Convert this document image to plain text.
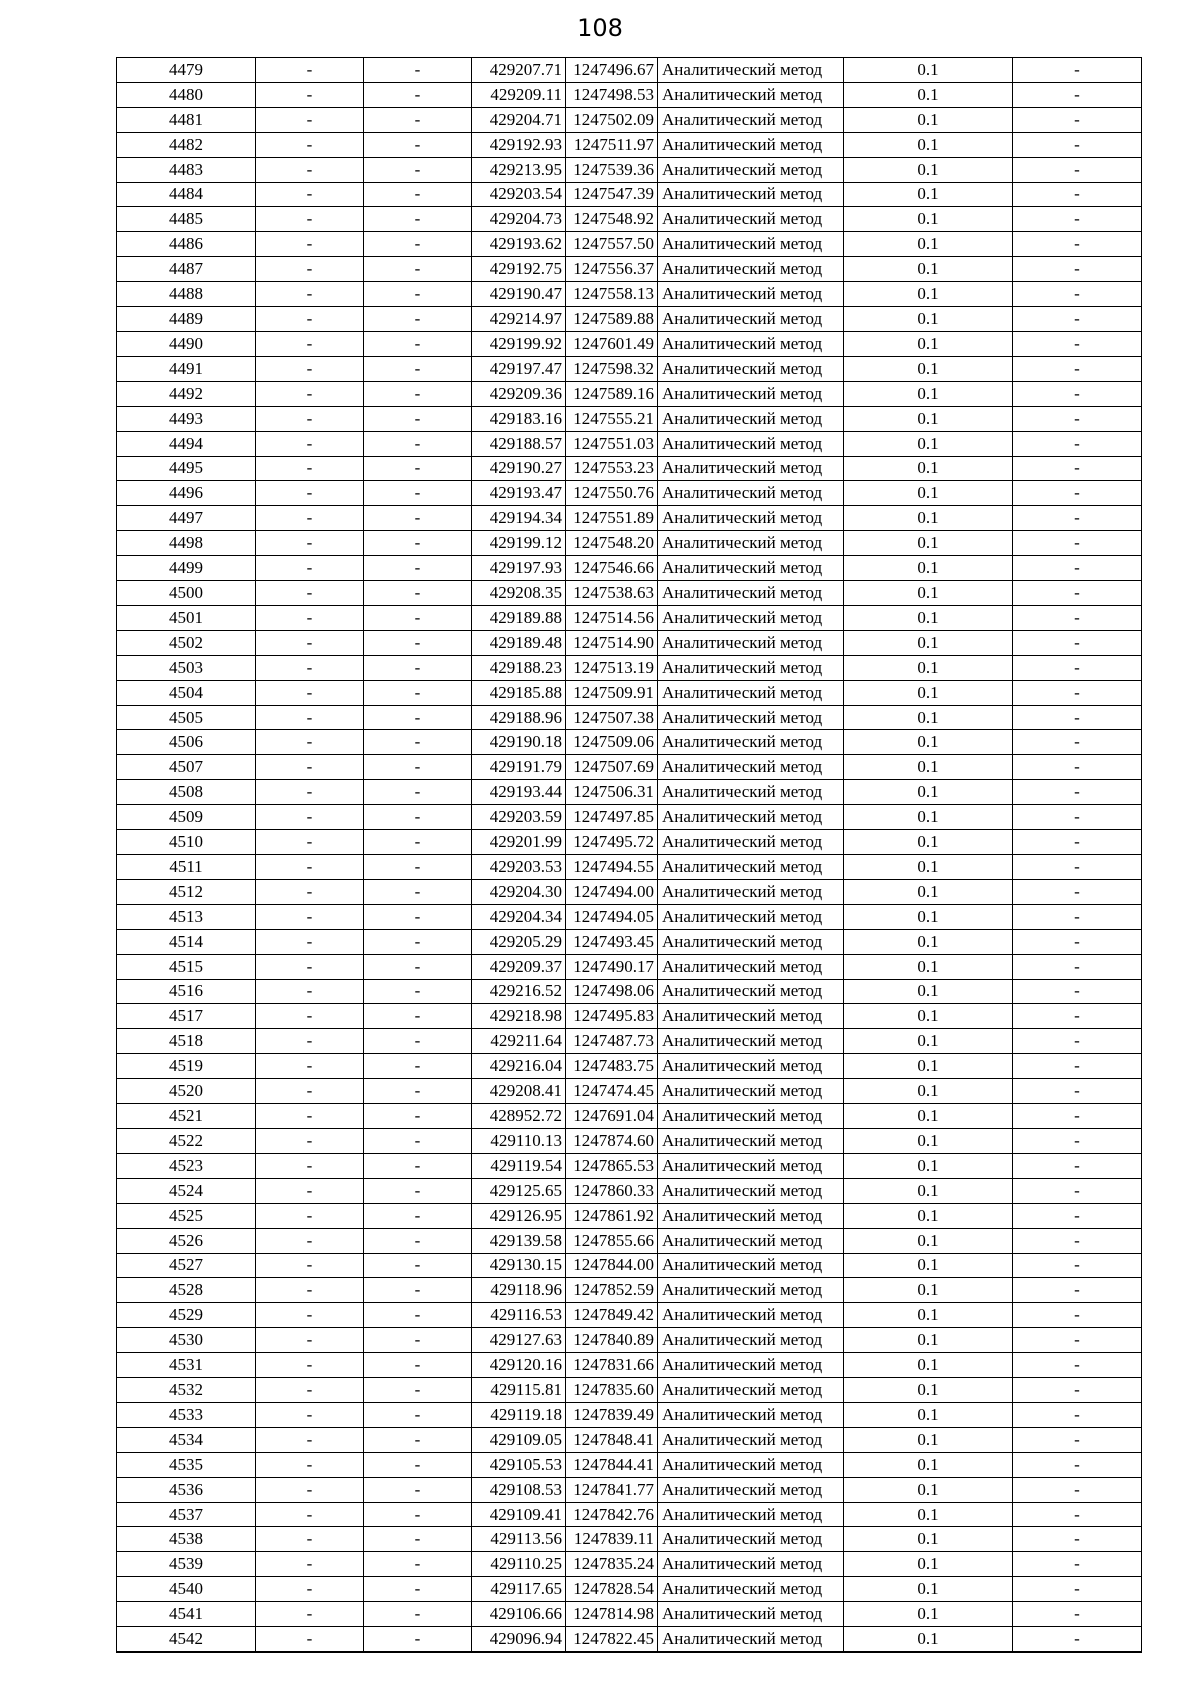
108
4479	-	-	429207.71	1247496.67	Аналитический метод	0.1	-
4480	-	-	429209.11	1247498.53	Аналитический метод	0.1	-
4481	-	-	429204.71	1247502.09	Аналитический метод	0.1	-
4482	-	-	429192.93	1247511.97	Аналитический метод	0.1	-
4483	-	-	429213.95	1247539.36	Аналитический метод	0.1	-
4484	-	-	429203.54	1247547.39	Аналитический метод	0.1	-
4485	-	-	429204.73	1247548.92	Аналитический метод	0.1	-
4486	-	-	429193.62	1247557.50	Аналитический метод	0.1	-
4487	-	-	429192.75	1247556.37	Аналитический метод	0.1	-
4488	-	-	429190.47	1247558.13	Аналитический метод	0.1	-
4489	-	-	429214.97	1247589.88	Аналитический метод	0.1	-
4490	-	-	429199.92	1247601.49	Аналитический метод	0.1	-
4491	-	-	429197.47	1247598.32	Аналитический метод	0.1	-
4492	-	-	429209.36	1247589.16	Аналитический метод	0.1	-
4493	-	-	429183.16	1247555.21	Аналитический метод	0.1	-
4494	-	-	429188.57	1247551.03	Аналитический метод	0.1	-
4495	-	-	429190.27	1247553.23	Аналитический метод	0.1	-
4496	-	-	429193.47	1247550.76	Аналитический метод	0.1	-
4497	-	-	429194.34	1247551.89	Аналитический метод	0.1	-
4498	-	-	429199.12	1247548.20	Аналитический метод	0.1	-
4499	-	-	429197.93	1247546.66	Аналитический метод	0.1	-
4500	-	-	429208.35	1247538.63	Аналитический метод	0.1	-
4501	-	-	429189.88	1247514.56	Аналитический метод	0.1	-
4502	-	-	429189.48	1247514.90	Аналитический метод	0.1	-
4503	-	-	429188.23	1247513.19	Аналитический метод	0.1	-
4504	-	-	429185.88	1247509.91	Аналитический метод	0.1	-
4505	-	-	429188.96	1247507.38	Аналитический метод	0.1	-
4506	-	-	429190.18	1247509.06	Аналитический метод	0.1	-
4507	-	-	429191.79	1247507.69	Аналитический метод	0.1	-
4508	-	-	429193.44	1247506.31	Аналитический метод	0.1	-
4509	-	-	429203.59	1247497.85	Аналитический метод	0.1	-
4510	-	-	429201.99	1247495.72	Аналитический метод	0.1	-
4511	-	-	429203.53	1247494.55	Аналитический метод	0.1	-
4512	-	-	429204.30	1247494.00	Аналитический метод	0.1	-
4513	-	-	429204.34	1247494.05	Аналитический метод	0.1	-
4514	-	-	429205.29	1247493.45	Аналитический метод	0.1	-
4515	-	-	429209.37	1247490.17	Аналитический метод	0.1	-
4516	-	-	429216.52	1247498.06	Аналитический метод	0.1	-
4517	-	-	429218.98	1247495.83	Аналитический метод	0.1	-
4518	-	-	429211.64	1247487.73	Аналитический метод	0.1	-
4519	-	-	429216.04	1247483.75	Аналитический метод	0.1	-
4520	-	-	429208.41	1247474.45	Аналитический метод	0.1	-
4521	-	-	428952.72	1247691.04	Аналитический метод	0.1	-
4522	-	-	429110.13	1247874.60	Аналитический метод	0.1	-
4523	-	-	429119.54	1247865.53	Аналитический метод	0.1	-
4524	-	-	429125.65	1247860.33	Аналитический метод	0.1	-
4525	-	-	429126.95	1247861.92	Аналитический метод	0.1	-
4526	-	-	429139.58	1247855.66	Аналитический метод	0.1	-
4527	-	-	429130.15	1247844.00	Аналитический метод	0.1	-
4528	-	-	429118.96	1247852.59	Аналитический метод	0.1	-
4529	-	-	429116.53	1247849.42	Аналитический метод	0.1	-
4530	-	-	429127.63	1247840.89	Аналитический метод	0.1	-
4531	-	-	429120.16	1247831.66	Аналитический метод	0.1	-
4532	-	-	429115.81	1247835.60	Аналитический метод	0.1	-
4533	-	-	429119.18	1247839.49	Аналитический метод	0.1	-
4534	-	-	429109.05	1247848.41	Аналитический метод	0.1	-
4535	-	-	429105.53	1247844.41	Аналитический метод	0.1	-
4536	-	-	429108.53	1247841.77	Аналитический метод	0.1	-
4537	-	-	429109.41	1247842.76	Аналитический метод	0.1	-
4538	-	-	429113.56	1247839.11	Аналитический метод	0.1	-
4539	-	-	429110.25	1247835.24	Аналитический метод	0.1	-
4540	-	-	429117.65	1247828.54	Аналитический метод	0.1	-
4541	-	-	429106.66	1247814.98	Аналитический метод	0.1	-
4542	-	-	429096.94	1247822.45	Аналитический метод	0.1	-
